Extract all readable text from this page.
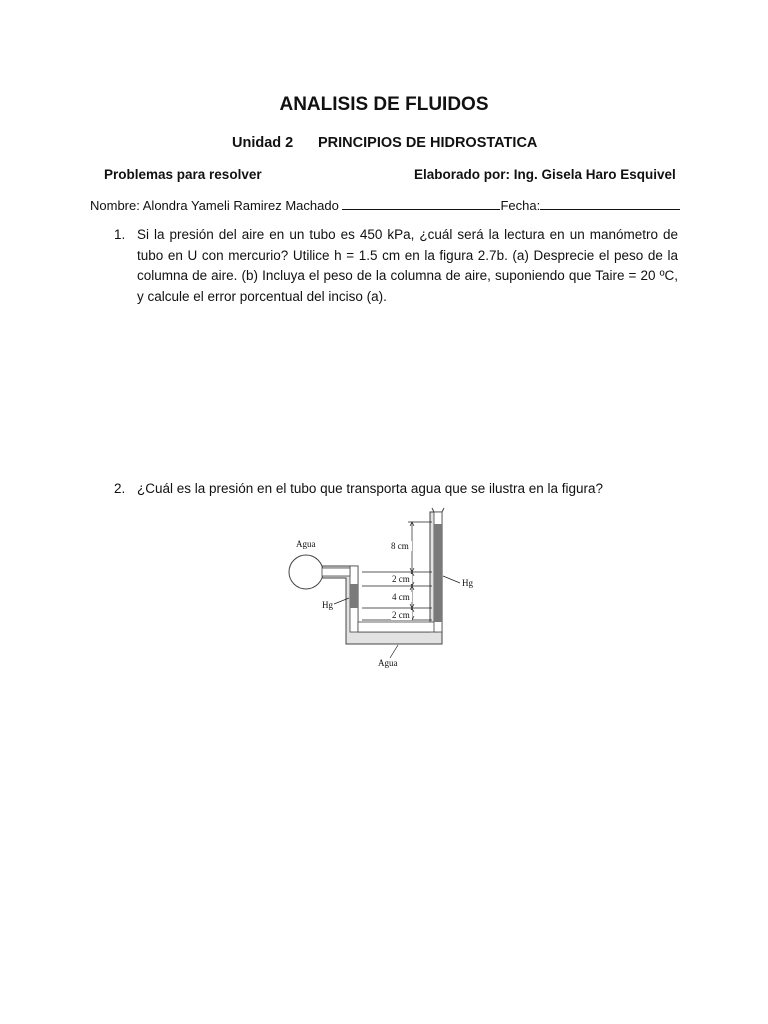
ANALISIS DE FLUIDOS
Unidad 2 PRINCIPIOS DE HIDROSTATICA
Problemas para resolver	Elaborado por: Ing. Gisela Haro Esquivel
Nombre: Alondra Yameli Ramirez Machado	Fecha:
1. Si la presión del aire en un tubo es 450 kPa, ¿cuál será la lectura en un manómetro de tubo en U con mercurio? Utilice h = 1.5 cm en la figura 2.7b. (a) Desprecie el peso de la columna de aire. (b) Incluya el peso de la columna de aire, suponiendo que Taire = 20 ºC, y calcule el error porcentual del inciso (a).
2. ¿Cuál es la presión en el tubo que transporta agua que se ilustra en la figura?
8 cm
2 cm
4 cm
2 cm
Agua
Hg
Hg
Agua
